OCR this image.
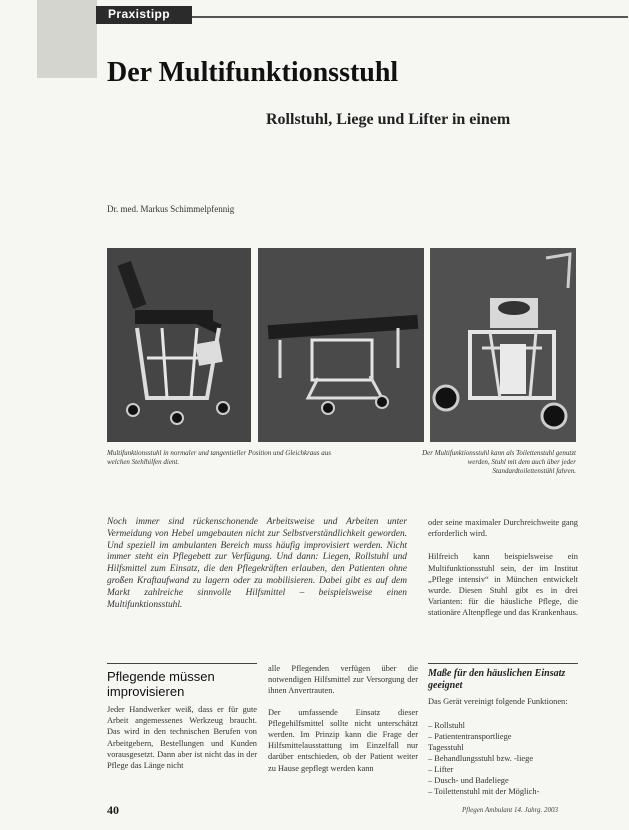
Praxistipp
Der Multifunktionsstuhl
Rollstuhl, Liege und Lifter in einem
Dr. med. Markus Schimmelpfennig
Multifunktionsstuhl in normaler und tangentieller Position und Gleichkraus aus welchen Stehlhilfen dient.
Der Multifunktionsstuhl kann als Toilettenstuhl genutzt werden, Stuhl mit dem auch über jeder Standardtoilettenstühl fahren.
Noch immer sind rückenschonende Arbeitsweise und Arbeiten unter Vermeidung von Hebel umgebauten nicht zur Selbstverständlichkeit geworden. Und speziell im ambulanten Bereich muss häufig improvisiert werden. Nicht immer steht ein Pflegebett zur Verfügung. Und dann: Liegen, Rollstuhl und Hilfsmittel zum Einsatz, die den Pflegekräften erlauben, den Patienten ohne großen Kraftaufwand zu lagern oder zu mobilisieren. Dabei gibt es auf dem Markt zahlreiche sinnvolle Hilfsmittel – beispielsweise einen Multifunktionsstuhl.

oder seine maximaler Durchreichweite gang erforderlich wird.

Hilfreich kann beispielsweise ein Multifunktionsstuhl sein, der im Institut „Pflege intensiv“ in München entwickelt wurde. Diesen Stuhl gibt es in drei Varianten: für die häusliche Pflege, die stationäre Altenpflege und das Krankenhaus.

Pflegende müssen improvisieren
Jeder Handwerker weiß, dass er für gute Arbeit angemessenes Werkzeug braucht. Das wird in den technischen Berufen von Arbeitgebern, Bestellungen und Kunden vorausgesetzt. Dann aber ist nicht das in der Pflege das Länge nicht

alle Pflegenden verfügen über die notwendigen Hilfsmittel zur Versorgung der ihnen Anvertrauten.

Der umfassende Einsatz dieser Pflegehilfsmittel sollte nicht unterschätzt werden. Im Prinzip kann die Frage der Hilfsmittelausstattung im Einzelfall nur darüber entschieden, ob der Patient weiter zu Hause gepflegt werden kann

Maße für den häuslichen Einsatz geeignet
Das Gerät vereinigt folgende Funktionen:
– Rollstuhl
– Patiententransportliege
Tagesstuhl
– Behandlungsstuhl bzw. -liege
– Lifter
– Dusch- und Badeliege
– Toilettenstuhl mit der Möglich-
40	Pflegen Ambulant 14. Jahrg. 2003
